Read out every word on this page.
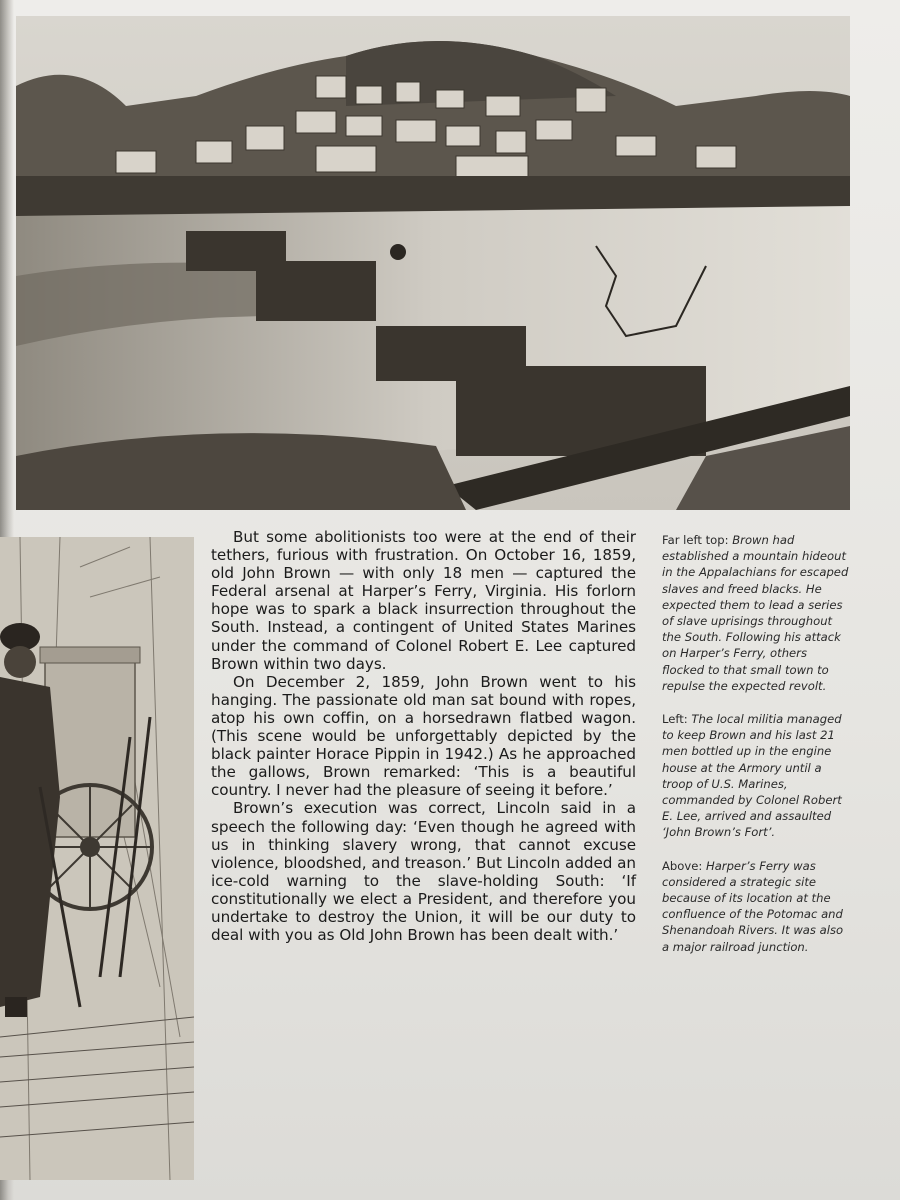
But some abolitionists too were at the end of their tethers, furious with frustration. On October 16, 1859, old John Brown — with only 18 men — captured the Federal arsenal at Harper’s Ferry, Virginia. His forlorn hope was to spark a black insurrection throughout the South. Instead, a contingent of United States Marines under the command of Colonel Robert E. Lee captured Brown within two days.

On December 2, 1859, John Brown went to his hanging. The passionate old man sat bound with ropes, atop his own coffin, on a horsedrawn flatbed wagon. (This scene would be unforgettably depicted by the black painter Horace Pippin in 1942.) As he approached the gallows, Brown remarked: ‘This is a beautiful country. I never had the pleasure of seeing it before.’

Brown’s execution was correct, Lincoln said in a speech the following day: ‘Even though he agreed with us in thinking slavery wrong, that cannot excuse violence, bloodshed, and treason.’ But Lincoln added an ice-cold warning to the slave-holding South: ‘If constitutionally we elect a President, and therefore you undertake to destroy the Union, it will be our duty to deal with you as Old John Brown has been dealt with.’

Far left top: Brown had established a mountain hideout in the Appalachians for escaped slaves and freed blacks. He expected them to lead a series of slave uprisings throughout the South. Following his attack on Harper’s Ferry, others flocked to that small town to repulse the expected revolt.

Left: The local militia managed to keep Brown and his last 21 men bottled up in the engine house at the Armory until a troop of U.S. Marines, commanded by Colonel Robert E. Lee, arrived and assaulted ‘John Brown’s Fort’.

Above: Harper’s Ferry was considered a strategic site because of its location at the confluence of the Potomac and Shenandoah Rivers. It was also a major railroad junction.
